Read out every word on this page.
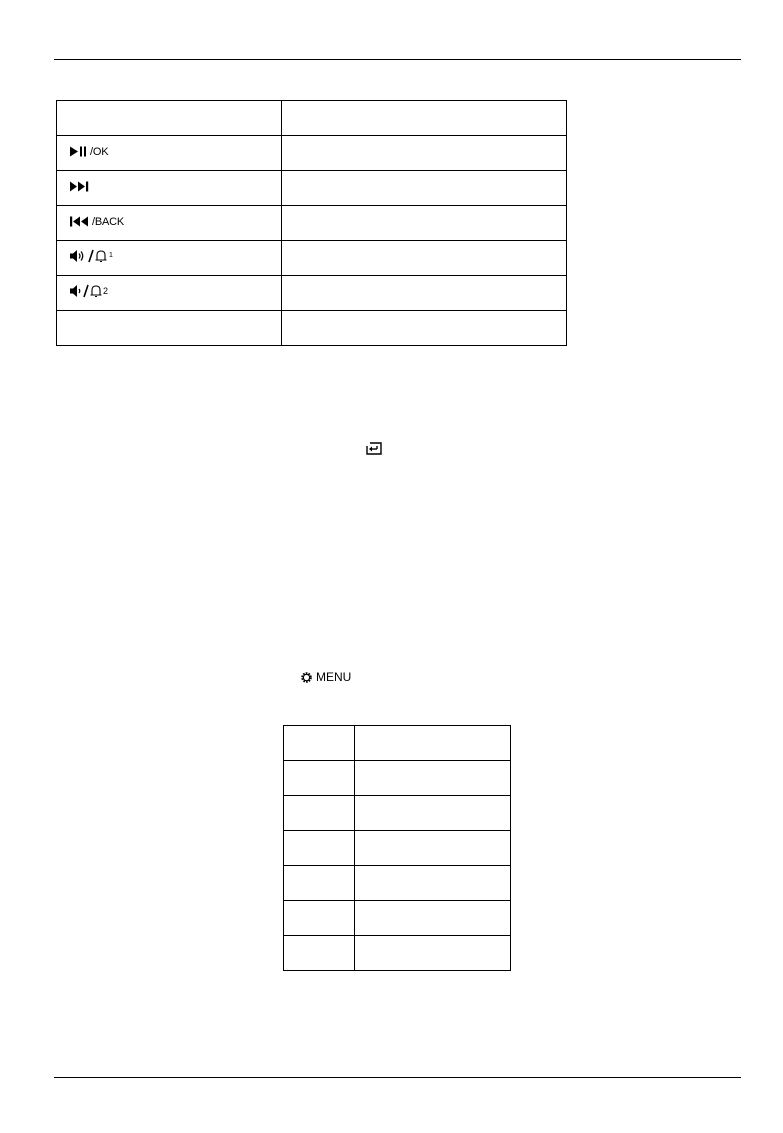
/OK	

/BACK	

1	

2	

MENU
